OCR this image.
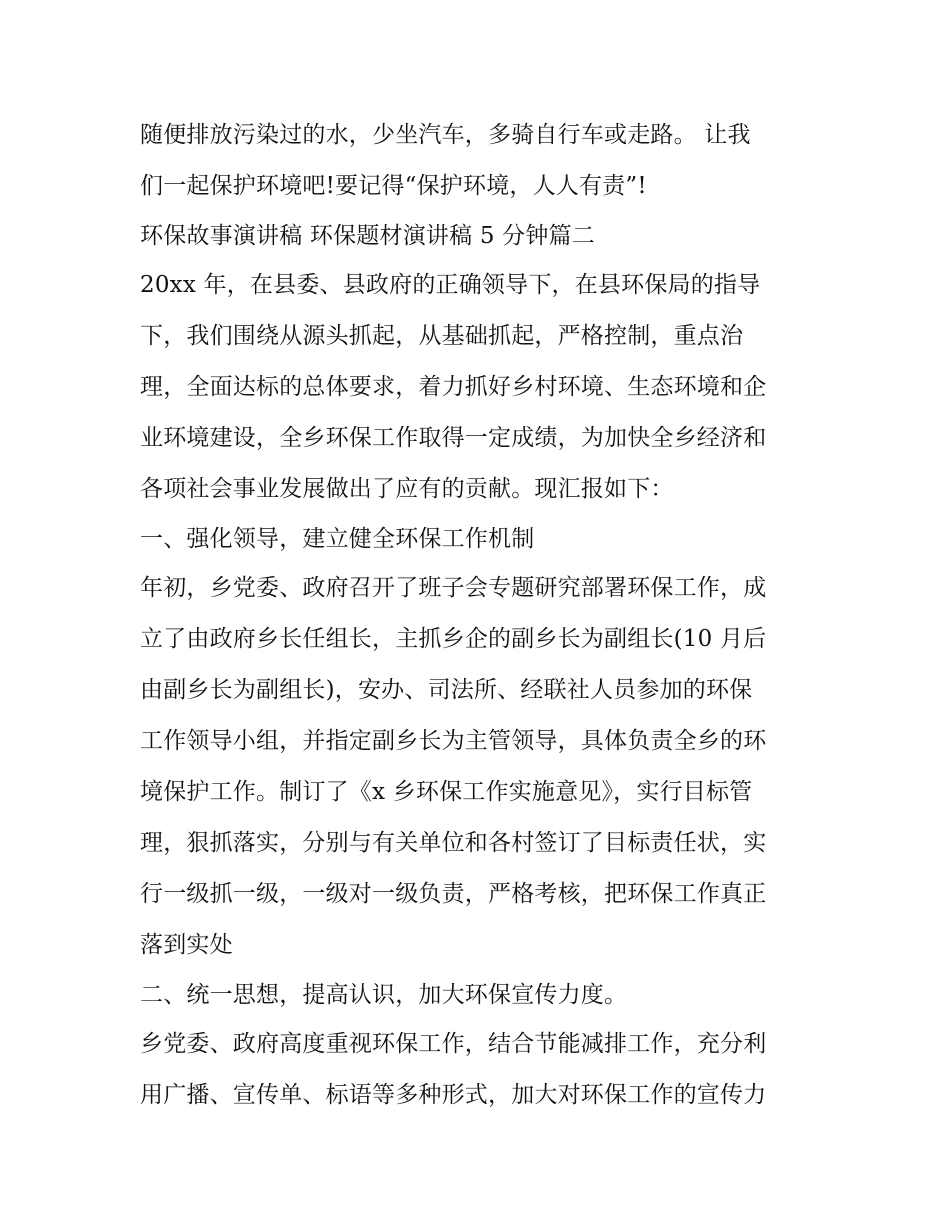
随便排放污染过的水，少坐汽车，多骑自行车或走路。 让我
们一起保护环境吧!要记得“保护环境，人人有责”!
环保故事演讲稿 环保题材演讲稿 5 分钟篇二
20xx 年，在县委、县政府的正确领导下，在县环保局的指导
下，我们围绕从源头抓起，从基础抓起，严格控制，重点治
理，全面达标的总体要求，着力抓好乡村环境、生态环境和企
业环境建设，全乡环保工作取得一定成绩，为加快全乡经济和
各项社会事业发展做出了应有的贡献。现汇报如下：
一、强化领导，建立健全环保工作机制
年初，乡党委、政府召开了班子会专题研究部署环保工作，成
立了由政府乡长任组长，主抓乡企的副乡长为副组长(10 月后
由副乡长为副组长)，安办、司法所、经联社人员参加的环保
工作领导小组，并指定副乡长为主管领导，具体负责全乡的环
境保护工作。制订了《x 乡环保工作实施意见》，实行目标管
理，狠抓落实，分别与有关单位和各村签订了目标责任状，实
行一级抓一级，一级对一级负责，严格考核，把环保工作真正
落到实处
二、统一思想，提高认识，加大环保宣传力度。
乡党委、政府高度重视环保工作，结合节能减排工作，充分利
用广播、宣传单、标语等多种形式，加大对环保工作的宣传力
